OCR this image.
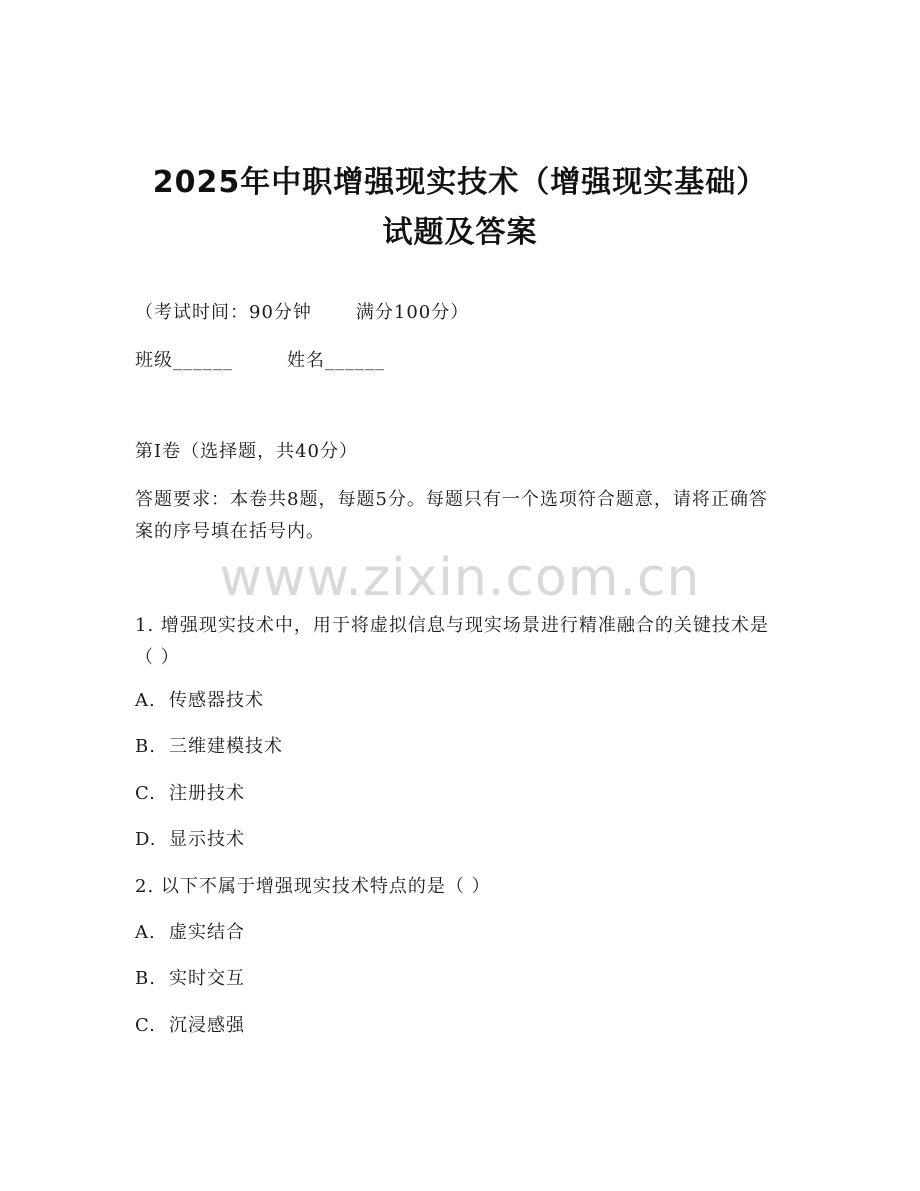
2025年中职增强现实技术（增强现实基础）
试题及答案
（考试时间：90分钟 满分100分）
班级______	姓名______
第Ⅰ卷（选择题，共40分）
答题要求：本卷共8题，每题5分。每题只有一个选项符合题意，请将正确答案的序号填在括号内。
www.zixin.com.cn
1. 增强现实技术中，用于将虚拟信息与现实场景进行精准融合的关键技术是（ ）
A. 传感器技术
B. 三维建模技术
C. 注册技术
D. 显示技术
2. 以下不属于增强现实技术特点的是（ ）
A. 虚实结合
B. 实时交互
C. 沉浸感强
